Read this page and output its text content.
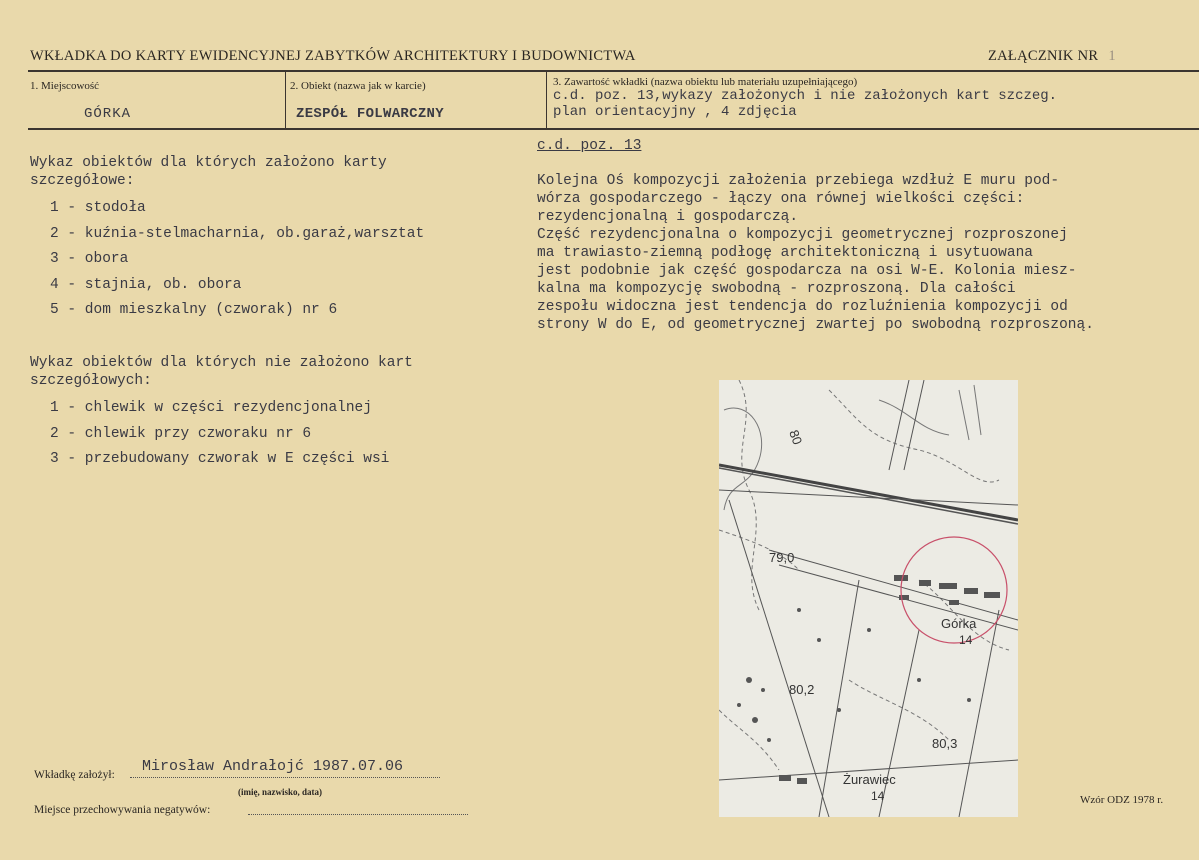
WKŁADKA DO KARTY EWIDENCYJNEJ ZABYTKÓW ARCHITEKTURY I BUDOWNICTWA	ZAŁĄCZNIK NR 1
1. Miejscowość
GÓRKA
2. Obiekt (nazwa jak w karcie)
ZESPÓŁ FOLWARCZNY
3. Zawartość wkładki (nazwa obiektu lub materiału uzupełniającego)
c.d. poz. 13,wykazy założonych i nie założonych kart szczeg.
plan orientacyjny , 4 zdjęcia
Wykaz obiektów dla których założono karty
szczegółowe:
1 - stodoła
2 - kuźnia-stelmacharnia, ob.garaż,warsztat
3 - obora
4 - stajnia, ob. obora
5 - dom mieszkalny (czworak) nr 6
Wykaz obiektów dla których nie założono kart
szczegółowych:
1 - chlewik w części rezydencjonalnej
2 - chlewik przy czworaku nr 6
3 - przebudowany czworak w E części wsi
c.d. poz. 13
Kolejna Oś kompozycji założenia przebiega wzdłuż E muru pod-
wórza gospodarczego - łączy ona równej wielkości części:
rezydencjonalną i gospodarczą.
Część rezydencjonalna o kompozycji geometrycznej rozproszonej
ma trawiasto-ziemną podłogę architektoniczną i usytuowana
jest podobnie jak część gospodarcza na osi W-E. Kolonia miesz-
kalna ma kompozycję swobodną - rozproszoną. Dla całości
zespołu widoczna jest tendencja do rozluźnienia kompozycji od
strony W do E, od geometrycznej zwartej po swobodną rozproszoną.
80
79,0
Górka
14
80,2
80,3
Żurawiec
14
Wkładkę założył: Mirosław Andrałojć 1987.07.06
(imię, nazwisko, data)
Miejsce przechowywania negatywów:
Wzór ODZ 1978 r.
